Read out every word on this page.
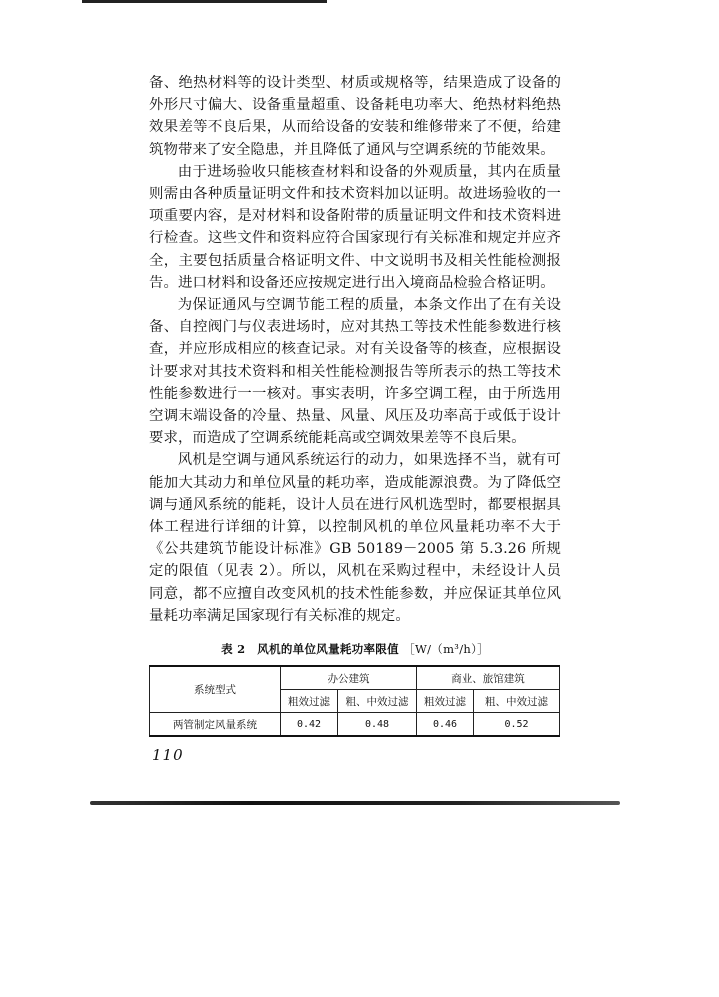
备、绝热材料等的设计类型、材质或规格等，结果造成了设备的外形尺寸偏大、设备重量超重、设备耗电功率大、绝热材料绝热效果差等不良后果，从而给设备的安装和维修带来了不便，给建筑物带来了安全隐患，并且降低了通风与空调系统的节能效果。

由于进场验收只能核查材料和设备的外观质量，其内在质量则需由各种质量证明文件和技术资料加以证明。故进场验收的一项重要内容，是对材料和设备附带的质量证明文件和技术资料进行检查。这些文件和资料应符合国家现行有关标准和规定并应齐全，主要包括质量合格证明文件、中文说明书及相关性能检测报告。进口材料和设备还应按规定进行出入境商品检验合格证明。

为保证通风与空调节能工程的质量，本条文作出了在有关设备、自控阀门与仪表进场时，应对其热工等技术性能参数进行核查，并应形成相应的核查记录。对有关设备等的核查，应根据设计要求对其技术资料和相关性能检测报告等所表示的热工等技术性能参数进行一一核对。事实表明，许多空调工程，由于所选用空调末端设备的冷量、热量、风量、风压及功率高于或低于设计要求，而造成了空调系统能耗高或空调效果差等不良后果。

风机是空调与通风系统运行的动力，如果选择不当，就有可能加大其动力和单位风量的耗功率，造成能源浪费。为了降低空调与通风系统的能耗，设计人员在进行风机选型时，都要根据具体工程进行详细的计算，以控制风机的单位风量耗功率不大于《公共建筑节能设计标准》GB 50189－2005 第 5.3.26 所规定的限值（见表 2）。所以，风机在采购过程中，未经设计人员同意，都不应擅自改变风机的技术性能参数，并应保证其单位风量耗功率满足国家现行有关标准的规定。

表 2　风机的单位风量耗功率限值 ［W/（m³/h）］
系统型式	办公建筑		商业、旅馆建筑	
	粗效过滤	粗、中效过滤	粗效过滤	粗、中效过滤
两管制定风量系统	0.42	0.48	0.46	0.52
110
